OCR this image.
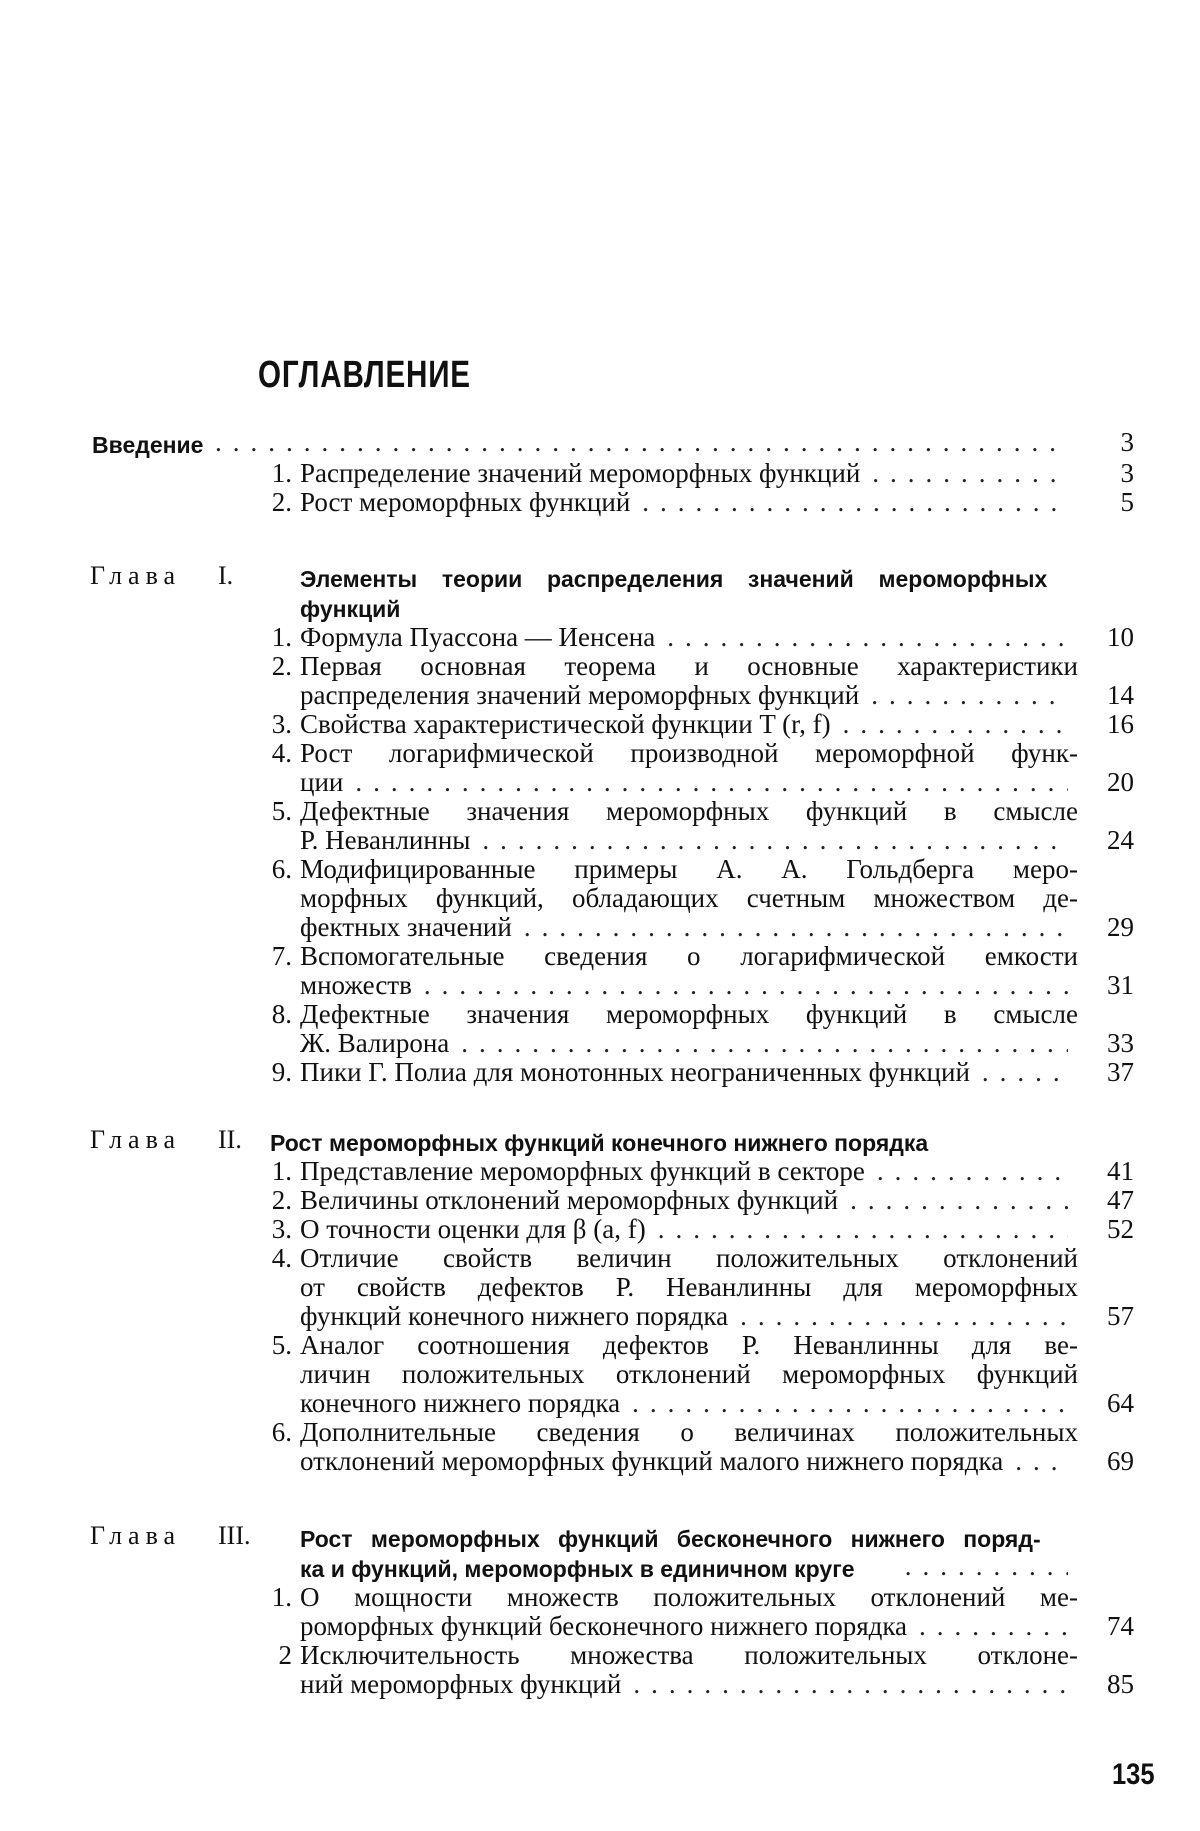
ОГЛАВЛЕНИЕ
Введение ................................................	3
1. Распределение значений мероморфных функций ...........	3
2. Рост мероморфных функций ........................	5
Глава I.	Элементы теории распределения значений мероморфных
функций
1. Формула Пуассона — Иенсена ......................	10
2. Первая основная теорема и основные характеристики
распределения значений мероморфных функций ...........	14
3. Свойства характеристической функции T (r, f) ............	16
4. Рост логарифмической производной мероморфной функ-
ции ........................................	20
5. Дефектные значения мероморфных функций в смысле
Р. Неванлинны .................................	24
6. Модифицированные примеры А. А. Гольдберга меро-
морфных функций, обладающих счетным множеством де-
фектных значений ..............................	29
7. Вспомогательные сведения о логарифмической емкости
множеств ........................................
31
8. Дефектные значения мероморфных функций в смысле
Ж. Валирона ..................................	33
9. Пики Г. Полиа для монотонных неограниченных функций .....	37
Глава II. Рост мероморфных функций конечного нижнего порядка
1. Представление мероморфных функций в секторе ..........	41
2. Величины отклонений мероморфных функций ............	47
3. О точности оценки для β (a, f) .......................	52
4. Отличие свойств величин положительных отклонений
от свойств дефектов Р. Неванлинны для мероморфных
функций конечного нижнего порядка .................... 57
5. Аналог соотношения дефектов Р. Неванлинны для ве-
личин положительных отклонений мероморфных функций
конечного нижнего порядка .........................	64
6. Дополнительные сведения о величинах положительных
отклонений мероморфных функций малого нижнего порядка ...	69
Глава III. Рост мероморфных функций бесконечного нижнего поряд-
ка и функций, мероморфных в единичном круге .........
1. О мощности множеств положительных отклонений ме-
роморфных функций бесконечного нижнего порядка ........	74
2 Исключительность множества положительных отклоне-
ний мероморфных функций ........................	85
135
